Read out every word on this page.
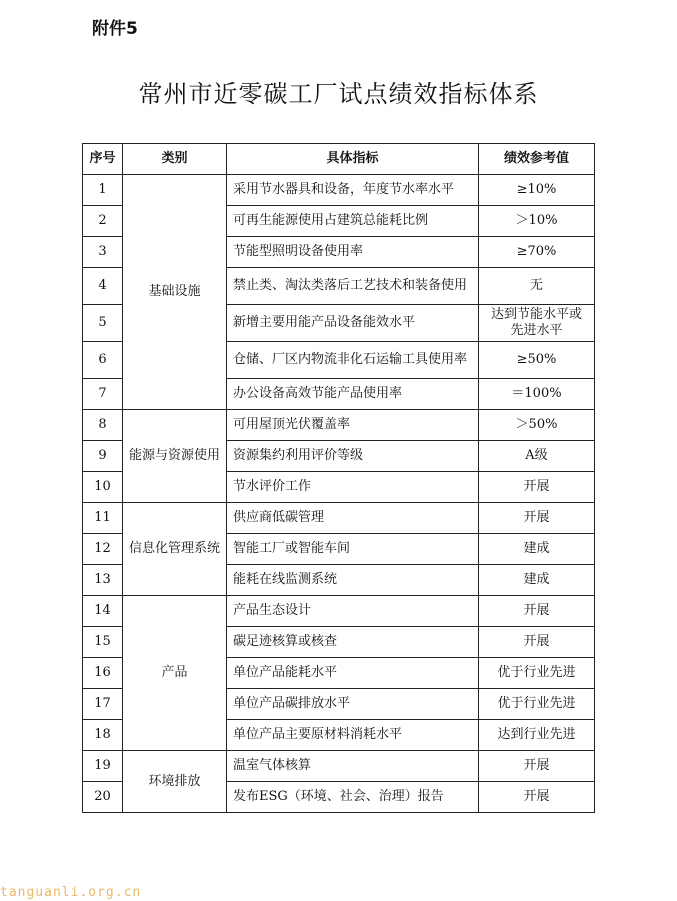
附件5
常州市近零碳工厂试点绩效指标体系
序号	类别	具体指标	绩效参考值
1	基础设施	采用节水器具和设备，年度节水率水平	≥10%
2		可再生能源使用占建筑总能耗比例	＞10%
3		节能型照明设备使用率	≥70%
4		禁止类、淘汰类落后工艺技术和装备使用	无
5		新增主要用能产品设备能效水平	达到节能水平或先进水平
6		仓储、厂区内物流非化石运输工具使用率	≥50%
7		办公设备高效节能产品使用率	＝100%
8	能源与资源使用	可用屋顶光伏覆盖率	＞50%
9		资源集约利用评价等级	A级
10		节水评价工作	开展
11	信息化管理系统	供应商低碳管理	开展
12		智能工厂或智能车间	建成
13		能耗在线监测系统	建成
14	产品	产品生态设计	开展
15		碳足迹核算或核查	开展
16		单位产品能耗水平	优于行业先进
17		单位产品碳排放水平	优于行业先进
18		单位产品主要原材料消耗水平	达到行业先进
19	环境排放	温室气体核算	开展
20		发布ESG（环境、社会、治理）报告	开展
tanguanli.org.cn
